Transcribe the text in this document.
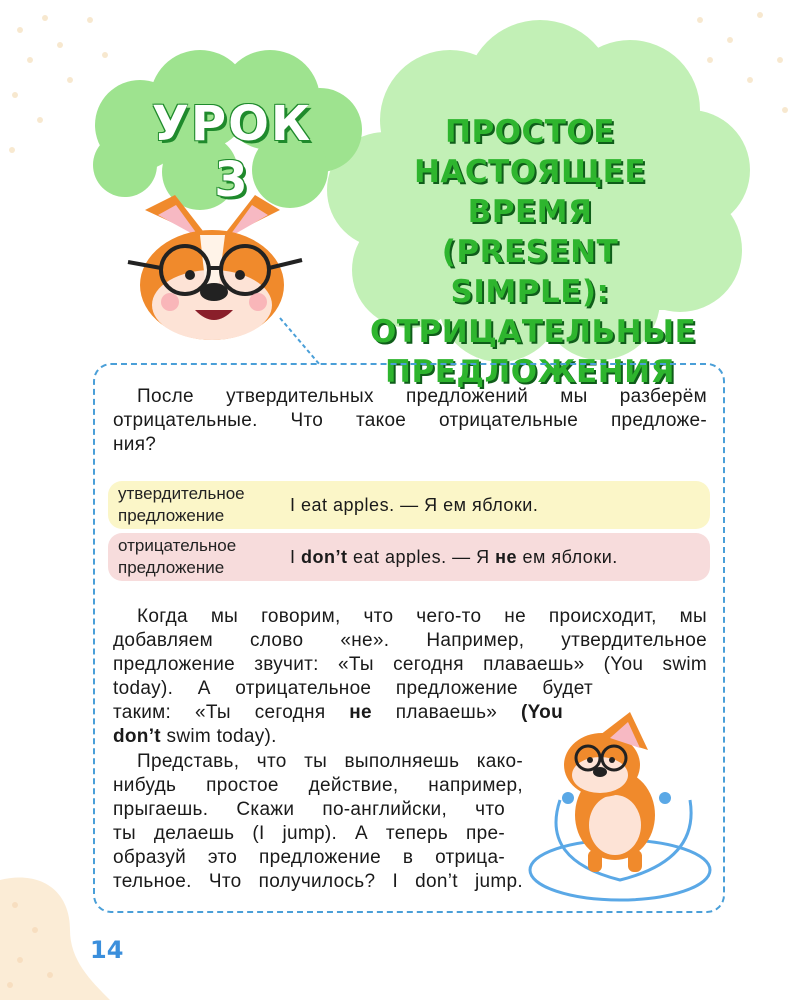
УРОК 3
ПРОСТОЕ
НАСТОЯЩЕЕ ВРЕМЯ
(PRESENT SIMPLE):
ОТРИЦАТЕЛЬНЫЕ
ПРЕДЛОЖЕНИЯ

После утвердительных предложений мы разберём

отрицательные. Что такое отрицательные предложе-

ния?

утвердительное
предложение
I eat apples. — Я ем яблоки.
отрицательное
предложение
I don’t eat apples. — Я не ем яблоки.

Когда мы говорим, что чего-то не происходит, мы

добавляем слово «не». Например, утвердительное

предложение звучит: «Ты сегодня плаваешь» (You swim

today). А отрицательное предложение будет

таким: «Ты сегодня не плаваешь» (You

don’t swim today).

Представь, что ты выполняешь како-

нибудь простое действие, например,

прыгаешь. Скажи по-английски, что

ты делаешь (I jump). А теперь пре-

образуй это предложение в отрица-

тельное. Что получилось? I don’t jump.

14
